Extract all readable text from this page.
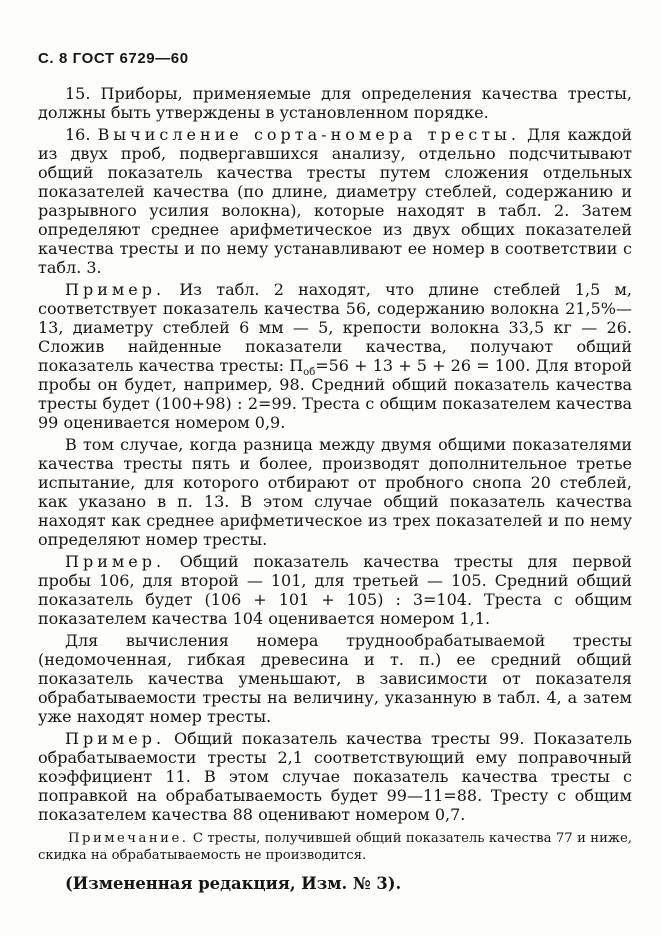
С. 8 ГОСТ 6729—60

15. Приборы, применяемые для определения качества тресты, должны быть утверждены в установленном порядке.

16. Вычисление сорта-номера тресты. Для каждой из двух проб, подвергавшихся анализу, отдельно подсчитывают общий показатель качества тресты путем сложения отдельных показателей качества (по длине, диаметру стеблей, содержанию и разрывного усилия волокна), которые находят в табл. 2. Затем определяют среднее арифметическое из двух общих показателей качества тресты и по нему устанавливают ее номер в соответствии с табл. 3.

Пример. Из табл. 2 находят, что длине стеблей 1,5 м, соответствует показатель качества 56, содержанию волокна 21,5%—13, диаметру стеблей 6 мм — 5, крепости волокна 33,5 кг — 26. Сложив найденные показатели качества, получают общий показатель качества тресты: $П_{об}=56 + 13 + 5 + 26 = 100$. Для второй пробы он будет, например, 98. Средний общий показатель качества тресты будет (100+98) : 2=99. Треста с общим показателем качества 99 оценивается номером 0,9.

В том случае, когда разница между двумя общими показателями качества тресты пять и более, производят дополнительное третье испытание, для которого отбирают от пробного снопа 20 стеблей, как указано в п. 13. В этом случае общий показатель качества находят как среднее арифметическое из трех показателей и по нему определяют номер тресты.

Пример. Общий показатель качества тресты для первой пробы 106, для второй — 101, для третьей — 105. Средний общий показатель будет (106 + 101 + 105) : 3=104. Треста с общим показателем качества 104 оценивается номером 1,1.

Для вычисления номера труднообрабатываемой тресты (недомоченная, гибкая древесина и т. п.) ее средний общий показатель качества уменьшают, в зависимости от показателя обрабатываемости тресты на величину, указанную в табл. 4, а затем уже находят номер тресты.

Пример. Общий показатель качества тресты 99. Показатель обрабатываемости тресты 2,1 соответствующий ему поправочный коэффициент 11. В этом случае показатель качества тресты с поправкой на обрабатываемость будет 99—11=88. Тресту с общим показателем качества 88 оценивают номером 0,7.

Примечание. С тресты, получившей общий показатель качества 77 и ниже, скидка на обрабатываемость не производится.

(Измененная редакция, Изм. № 3).
